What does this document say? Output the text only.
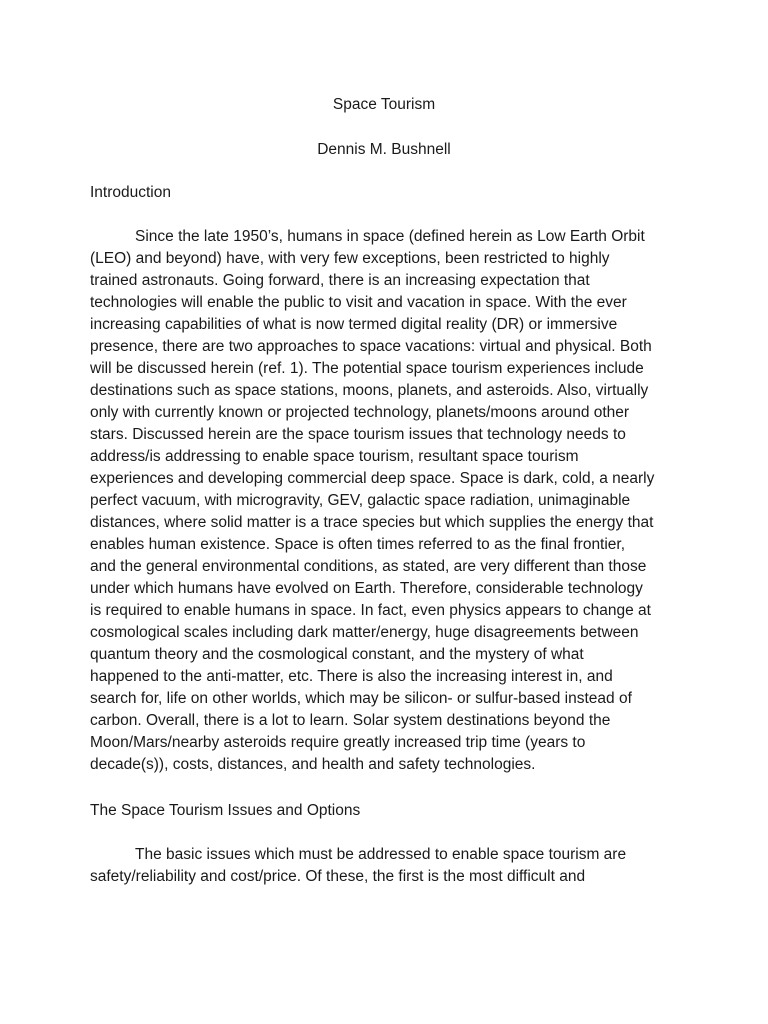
Space Tourism
Dennis M. Bushnell
Introduction

Since the late 1950’s, humans in space (defined herein as Low Earth Orbit
(LEO) and beyond) have, with very few exceptions, been restricted to highly
trained astronauts. Going forward, there is an increasing expectation that
technologies will enable the public to visit and vacation in space. With the ever
increasing capabilities of what is now termed digital reality (DR) or immersive
presence, there are two approaches to space vacations: virtual and physical. Both
will be discussed herein (ref. 1). The potential space tourism experiences include
destinations such as space stations, moons, planets, and asteroids. Also, virtually
only with currently known or projected technology, planets/moons around other
stars. Discussed herein are the space tourism issues that technology needs to
address/is addressing to enable space tourism, resultant space tourism
experiences and developing commercial deep space. Space is dark, cold, a nearly
perfect vacuum, with microgravity, GEV, galactic space radiation, unimaginable
distances, where solid matter is a trace species but which supplies the energy that
enables human existence. Space is often times referred to as the final frontier,
and the general environmental conditions, as stated, are very different than those
under which humans have evolved on Earth. Therefore, considerable technology
is required to enable humans in space. In fact, even physics appears to change at
cosmological scales including dark matter/energy, huge disagreements between
quantum theory and the cosmological constant, and the mystery of what
happened to the anti-matter, etc. There is also the increasing interest in, and
search for, life on other worlds, which may be silicon- or sulfur-based instead of
carbon. Overall, there is a lot to learn. Solar system destinations beyond the
Moon/Mars/nearby asteroids require greatly increased trip time (years to
decade(s)), costs, distances, and health and safety technologies.

The Space Tourism Issues and Options

The basic issues which must be addressed to enable space tourism are
safety/reliability and cost/price. Of these, the first is the most difficult and
